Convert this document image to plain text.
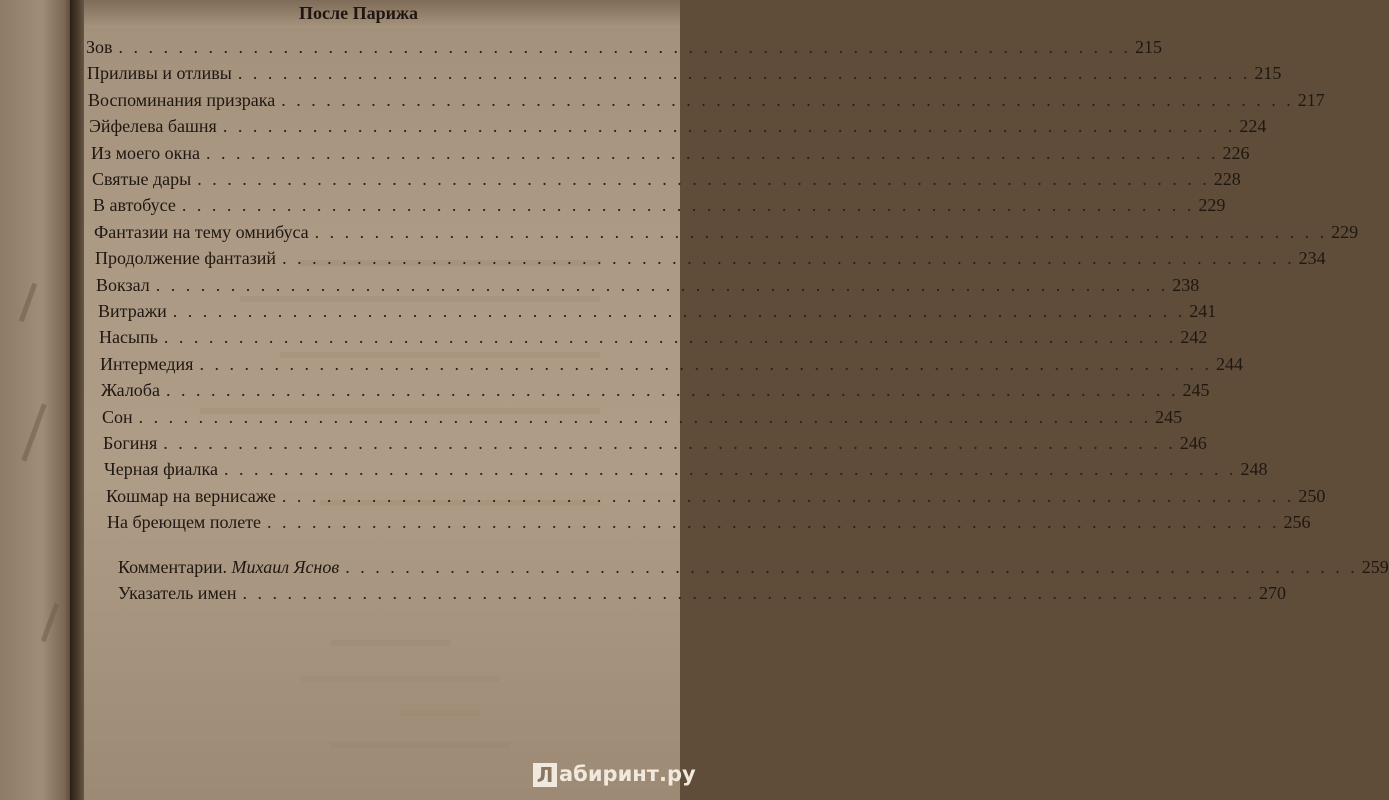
После Парижа
Зов . . .	215
Приливы и отливы . . .	215
Воспоминания призрака . . .	217
Эйфелева башня . . .	224
Из моего окна . . .	226
Святые дары . . .	228
В автобусе . . .	229
Фантазии на тему омнибуса . . .	229
Продолжение фантазий . . .	234
Вокзал . . .	238
Витражи . . .	241
Насыпь . . .	242
Интермедия . . .	244
Жалоба . . .	245
Сон . . .	245
Богиня . . .	246
Черная фиалка . . .	248
Кошмар на вернисаже . . .	250
На бреющем полете . . .	256
Комментарии. Михаил Яснов . . .	259
Указатель имен . . .	270
Л абиринт.ру
